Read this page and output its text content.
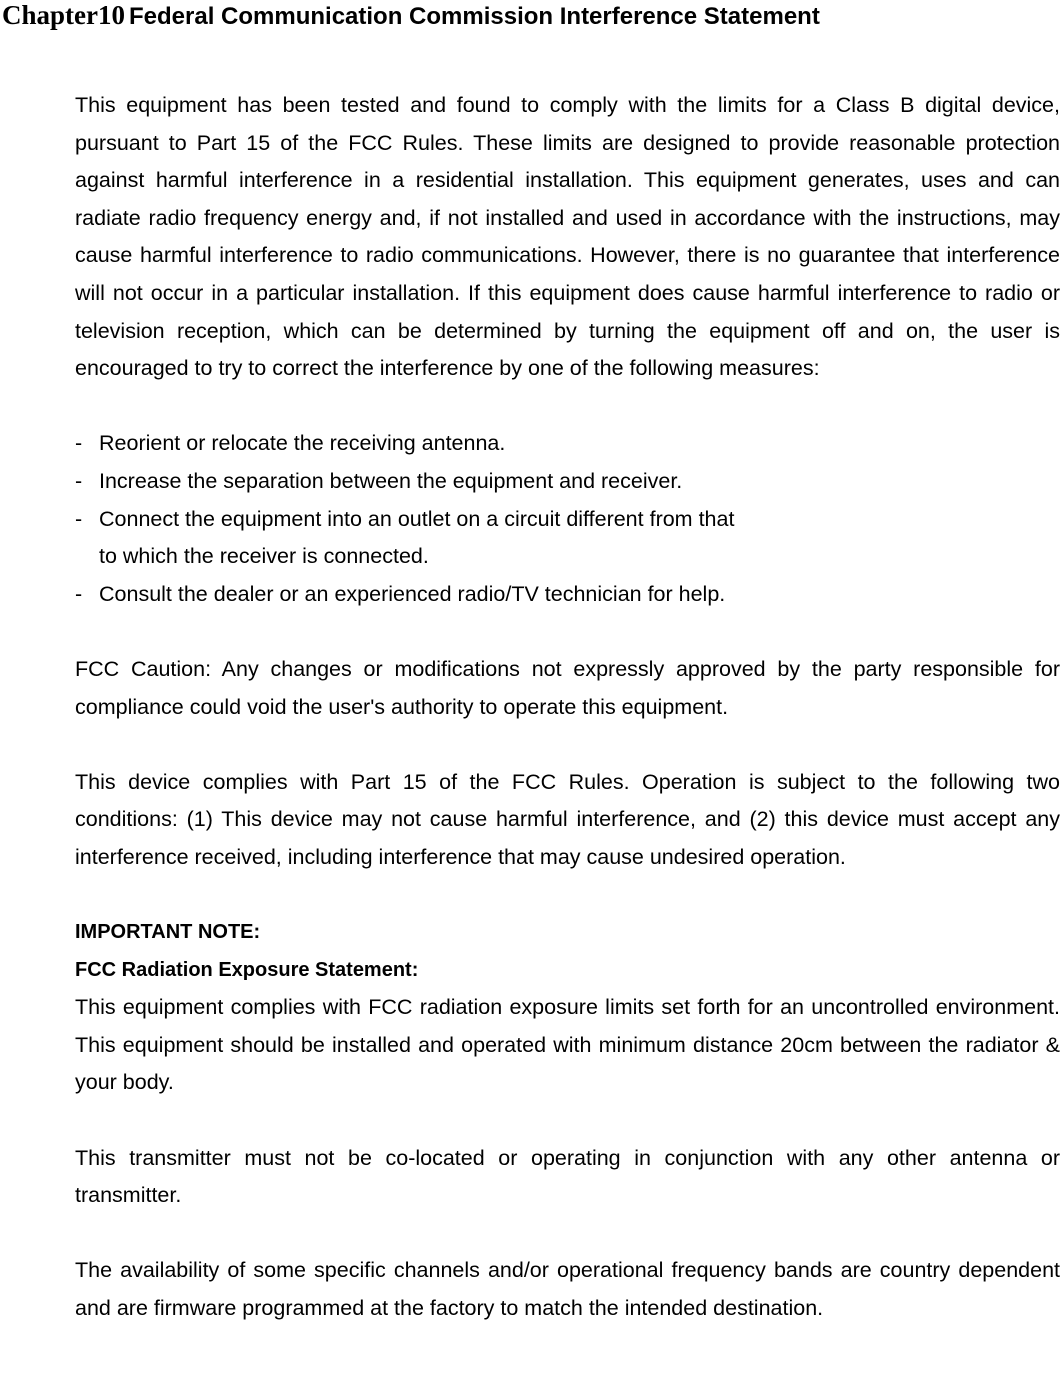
Chapter10 Federal Communication Commission Interference Statement

This equipment has been tested and found to comply with the limits for a Class B digital device, pursuant to Part 15 of the FCC Rules. These limits are designed to provide reasonable protection against harmful interference in a residential installation. This equipment generates, uses and can radiate radio frequency energy and, if not installed and used in accordance with the instructions, may cause harmful interference to radio communications. However, there is no guarantee that interference will not occur in a particular installation. If this equipment does cause harmful interference to radio or television reception, which can be determined by turning the equipment off and on, the user is encouraged to try to correct the interference by one of the following measures:

- Reorient or relocate the receiving antenna.
- Increase the separation between the equipment and receiver.
- Connect the equipment into an outlet on a circuit different from that
to which the receiver is connected.
- Consult the dealer or an experienced radio/TV technician for help.

FCC Caution: Any changes or modifications not expressly approved by the party responsible for compliance could void the user's authority to operate this equipment.

This device complies with Part 15 of the FCC Rules. Operation is subject to the following two conditions: (1) This device may not cause harmful interference, and (2) this device must accept any interference received, including interference that may cause undesired operation.

IMPORTANT NOTE:
FCC Radiation Exposure Statement:

This equipment complies with FCC radiation exposure limits set forth for an uncontrolled environment. This equipment should be installed and operated with minimum distance 20cm between the radiator & your body.

This transmitter must not be co-located or operating in conjunction with any other antenna or transmitter.

The availability of some specific channels and/or operational frequency bands are country dependent and are firmware programmed at the factory to match the intended destination.
